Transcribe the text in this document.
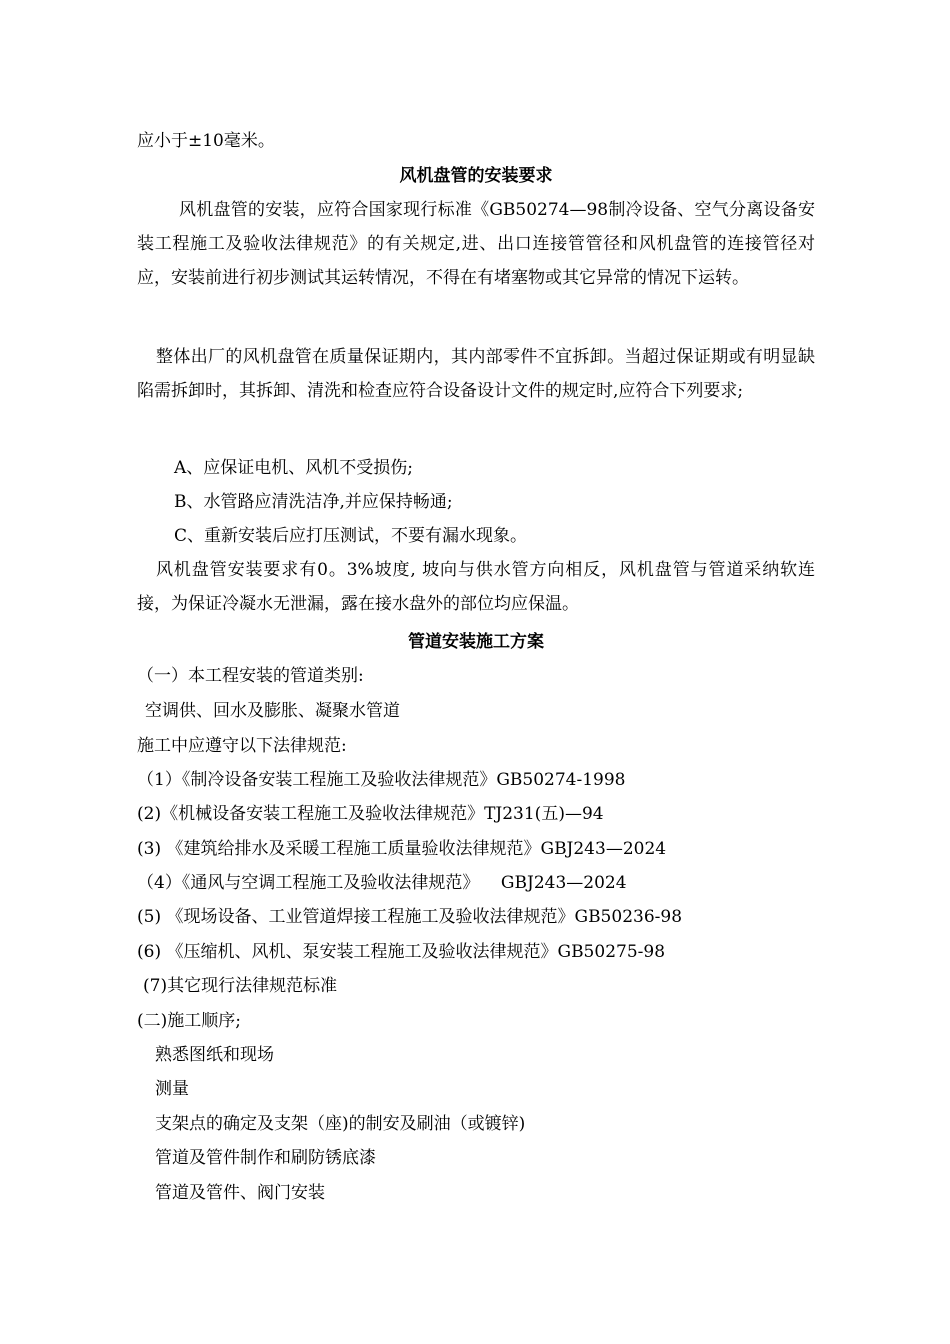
应小于±10毫米。
风机盘管的安装要求
风机盘管的安装，应符合国家现行标准《GB50274—98制冷设备、空气分离设备安装工程施工及验收法律规范》的有关规定,进、出口连接管管径和风机盘管的连接管径对应，安装前进行初步测试其运转情况，不得在有堵塞物或其它异常的情况下运转。
整体出厂的风机盘管在质量保证期内，其内部零件不宜拆卸。当超过保证期或有明显缺陷需拆卸时，其拆卸、清洗和检查应符合设备设计文件的规定时,应符合下列要求;
A、应保证电机、风机不受损伤;
B、水管路应清洗洁净,并应保持畅通;
C、重新安装后应打压测试，不要有漏水现象。
风机盘管安装要求有0。3%坡度, 坡向与供水管方向相反，风机盘管与管道采纳软连接，为保证冷凝水无泄漏，露在接水盘外的部位均应保温。
管道安装施工方案
（一）本工程安装的管道类别:
空调供、回水及膨胀、凝聚水管道
施工中应遵守以下法律规范:
（1）《制冷设备安装工程施工及验收法律规范》GB50274-1998
(2)《机械设备安装工程施工及验收法律规范》TJ231(五)—94
(3) 《建筑给排水及采暖工程施工质量验收法律规范》GBJ243—2024
（4）《通风与空调工程施工及验收法律规范》    GBJ243—2024
(5) 《现场设备、工业管道焊接工程施工及验收法律规范》GB50236-98
(6) 《压缩机、风机、泵安装工程施工及验收法律规范》GB50275-98
(7)其它现行法律规范标准
(二)施工顺序;
熟悉图纸和现场
测量
支架点的确定及支架（座)的制安及刷油（或镀锌)
管道及管件制作和刷防锈底漆
管道及管件、阀门安装
